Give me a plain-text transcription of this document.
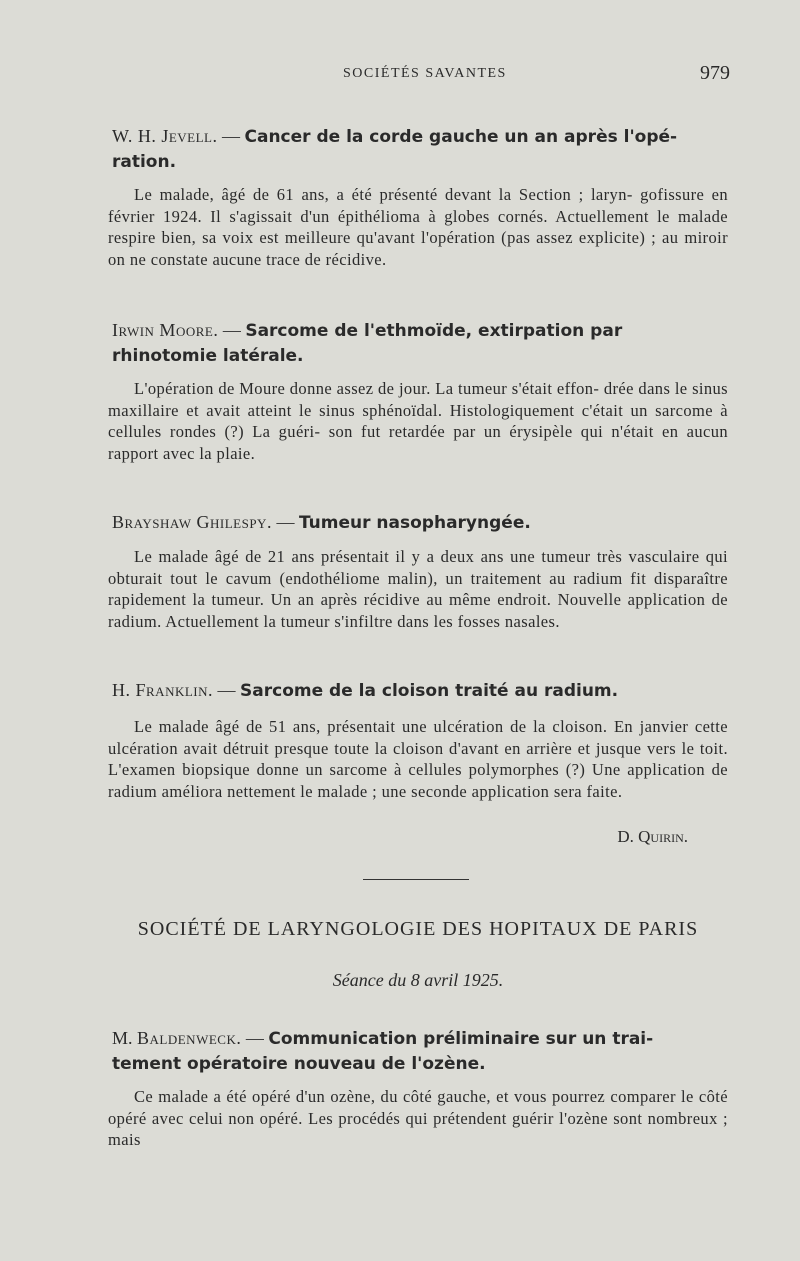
SOCIÉTÉS SAVANTES	979
W. H. Jevell. — Cancer de la corde gauche un an après l'opé-
ration.
Le malade, âgé de 61 ans, a été présenté devant la Section ; laryn- gofissure en février 1924. Il s'agissait d'un épithélioma à globes cornés. Actuellement le malade respire bien, sa voix est meilleure qu'avant l'opération (pas assez explicite) ; au miroir on ne constate aucune trace de récidive.
Irwin Moore. — Sarcome de l'ethmoïde, extirpation par
rhinotomie latérale.
L'opération de Moure donne assez de jour. La tumeur s'était effon- drée dans le sinus maxillaire et avait atteint le sinus sphénoïdal. Histologiquement c'était un sarcome à cellules rondes (?) La guéri- son fut retardée par un érysipèle qui n'était en aucun rapport avec la plaie.
Brayshaw Ghilespy. — Tumeur nasopharyngée.
Le malade âgé de 21 ans présentait il y a deux ans une tumeur très vasculaire qui obturait tout le cavum (endothéliome malin), un traitement au radium fit disparaître rapidement la tumeur. Un an après récidive au même endroit. Nouvelle application de radium. Actuellement la tumeur s'infiltre dans les fosses nasales.
H. Franklin. — Sarcome de la cloison traité au radium.
Le malade âgé de 51 ans, présentait une ulcération de la cloison. En janvier cette ulcération avait détruit presque toute la cloison d'avant en arrière et jusque vers le toit. L'examen biopsique donne un sarcome à cellules polymorphes (?) Une application de radium améliora nettement le malade ; une seconde application sera faite.
D. Quirin.
SOCIÉTÉ DE LARYNGOLOGIE DES HOPITAUX DE PARIS
Séance du 8 avril 1925.
M. Baldenweck. — Communication préliminaire sur un trai-
tement opératoire nouveau de l'ozène.
Ce malade a été opéré d'un ozène, du côté gauche, et vous pourrez comparer le côté opéré avec celui non opéré. Les procédés qui prétendent guérir l'ozène sont nombreux ; mais
